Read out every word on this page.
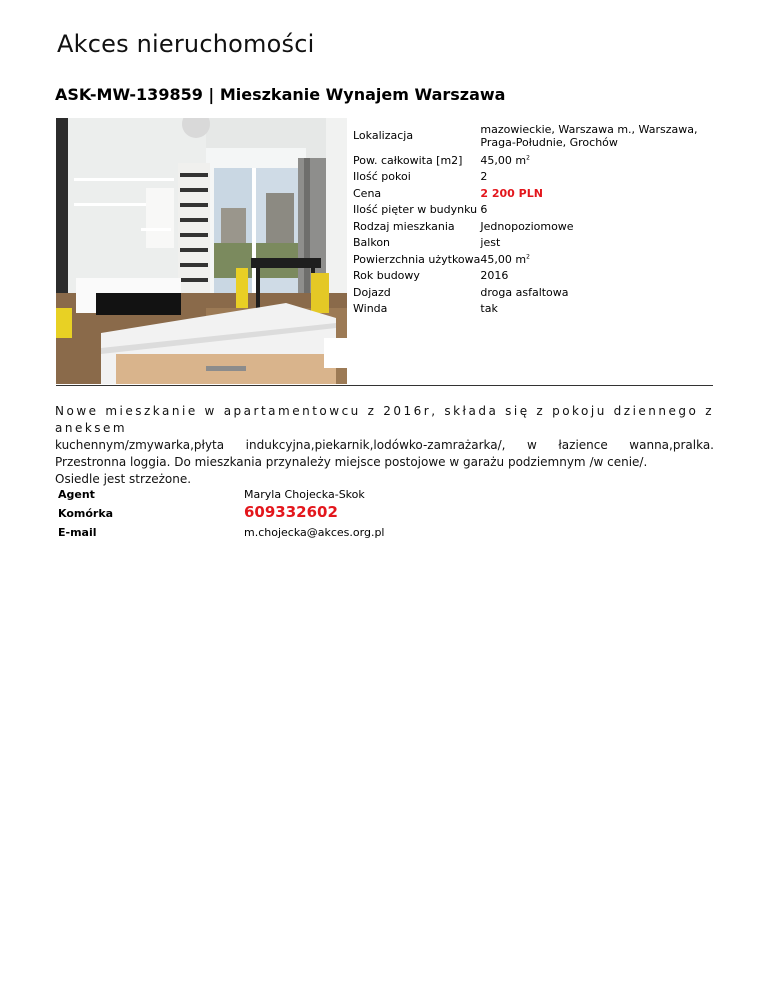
Akces nieruchomości
ASK-MW-139859 | Mieszkanie Wynajem Warszawa
Lokalizacja	mazowieckie, Warszawa m., Warszawa,
Praga-Południe, Grochów
Pow. całkowita [m2]	45,00 $m^2$
Ilość pokoi	2
Cena	2 200 PLN
Ilość pięter w budynku	6
Rodzaj mieszkania	Jednopoziomowe
Balkon	jest
Powierzchnia użytkowa	45,00 $m^2$
Rok budowy	2016
Dojazd	droga asfaltowa
Winda	tak

Nowe mieszkanie w apartamentowcu z 2016r, składa się z pokoju dziennego z aneksem

kuchennym/zmywarka,płyta indukcyjna,piekarnik,lodówko-zamrażarka/, w łazience wanna,pralka. Przestronna loggia. Do mieszkania przynależy miejsce postojowe w garażu podziemnym /w cenie/.

Osiedle jest strzeżone.

Agent	Maryla Chojecka-Skok
Komórka	609332602
E-mail	m.chojecka@akces.org.pl
